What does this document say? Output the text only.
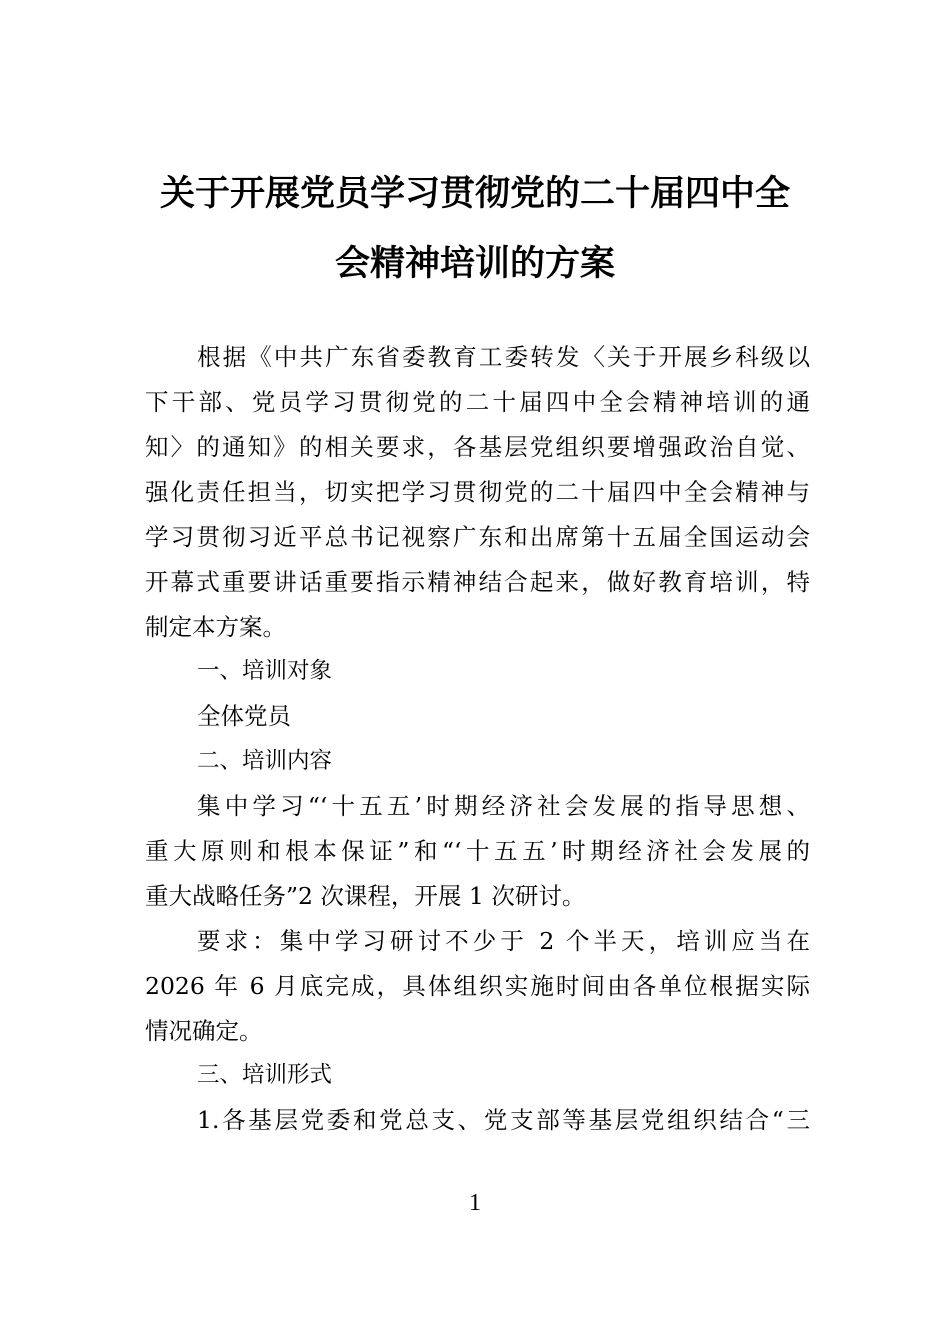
关于开展党员学习贯彻党的二十届四中全
会精神培训的方案
根据《中共广东省委教育工委转发〈关于开展乡科级以
下干部、党员学习贯彻党的二十届四中全会精神培训的通
知〉的通知》的相关要求，各基层党组织要增强政治自觉、
强化责任担当，切实把学习贯彻党的二十届四中全会精神与
学习贯彻习近平总书记视察广东和出席第十五届全国运动会
开幕式重要讲话重要指示精神结合起来，做好教育培训，特
制定本方案。
一、培训对象
全体党员
二、培训内容
集中学习“‘十五五’时期经济社会发展的指导思想、
重大原则和根本保证”和“‘十五五’时期经济社会发展的
重大战略任务”2 次课程，开展 1 次研讨。
要求：集中学习研讨不少于 2 个半天，培训应当在
2026 年 6 月底完成，具体组织实施时间由各单位根据实际
情况确定。
三、培训形式
1.各基层党委和党总支、党支部等基层党组织结合“三
1
